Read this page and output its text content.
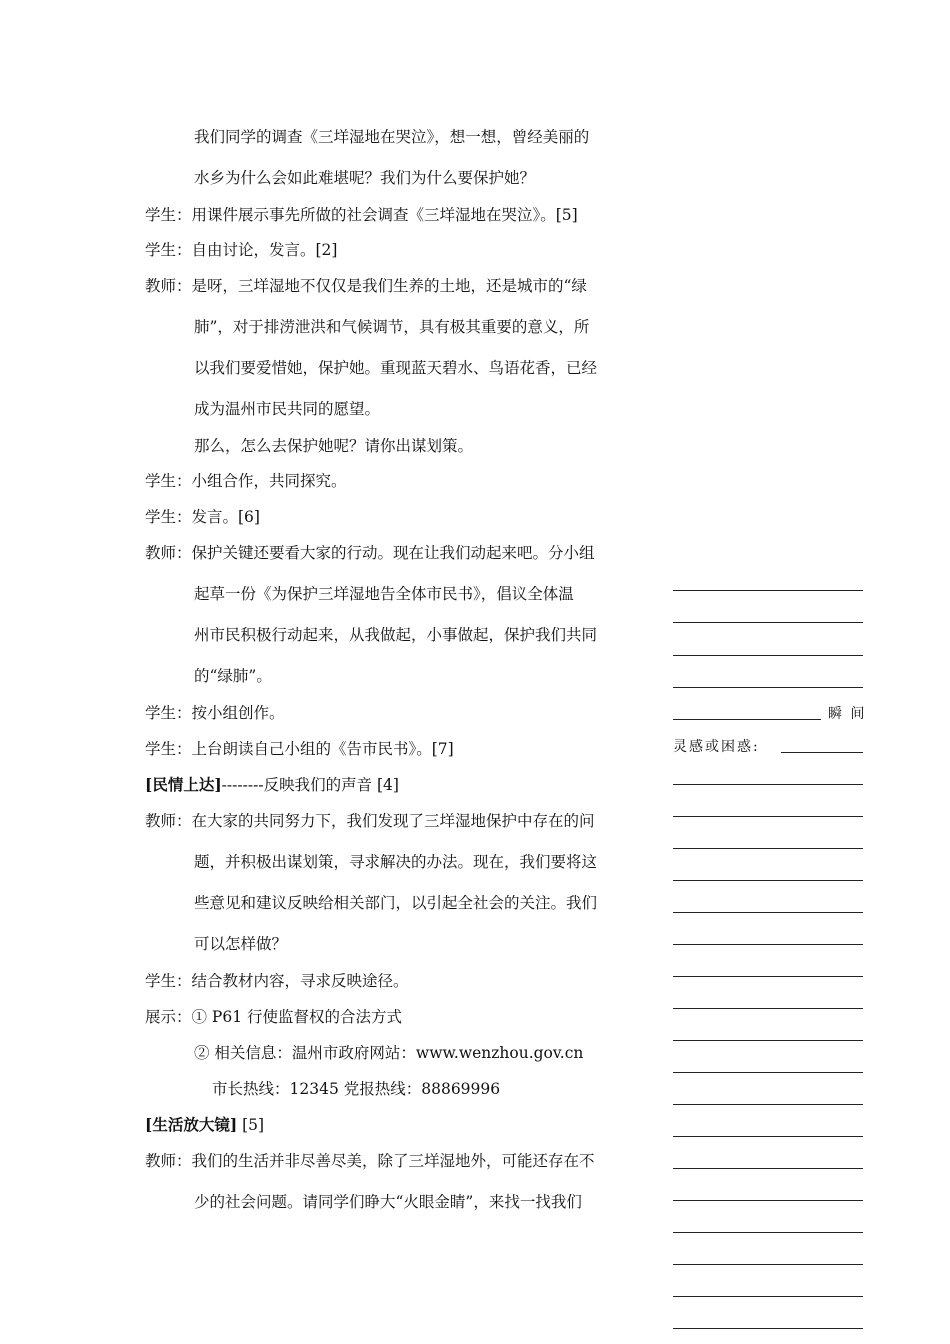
我们同学的调查《三垟湿地在哭泣》，想一想，曾经美丽的
水乡为什么会如此难堪呢？我们为什么要保护她？
学生：用课件展示事先所做的社会调查《三垟湿地在哭泣》。[5]
学生：自由讨论，发言。[2]
教师：是呀，三垟湿地不仅仅是我们生养的土地，还是城市的“绿
肺”，对于排涝泄洪和气候调节，具有极其重要的意义，所
以我们要爱惜她，保护她。重现蓝天碧水、鸟语花香，已经
成为温州市民共同的愿望。
那么，怎么去保护她呢？请你出谋划策。
学生：小组合作，共同探究。
学生：发言。[6]
教师：保护关键还要看大家的行动。现在让我们动起来吧。分小组
起草一份《为保护三垟湿地告全体市民书》，倡议全体温
州市民积极行动起来，从我做起，小事做起，保护我们共同
的“绿肺”。
学生：按小组创作。
学生：上台朗读自己小组的《告市民书》。[7]
[民情上达]--------反映我们的声音 [4]
教师：在大家的共同努力下，我们发现了三垟湿地保护中存在的问
题，并积极出谋划策，寻求解决的办法。现在，我们要将这
些意见和建议反映给相关部门，以引起全社会的关注。我们
可以怎样做？
学生：结合教材内容，寻求反映途径。
展示：① P61 行使监督权的合法方式
② 相关信息：温州市政府网站：www.wenzhou.gov.cn
市长热线：12345 党报热线：88869996
[生活放大镜] [5]
教师：我们的生活并非尽善尽美，除了三垟湿地外，可能还存在不
少的社会问题。请同学们睁大“火眼金睛”，来找一找我们
瞬 间
灵感或困惑:
